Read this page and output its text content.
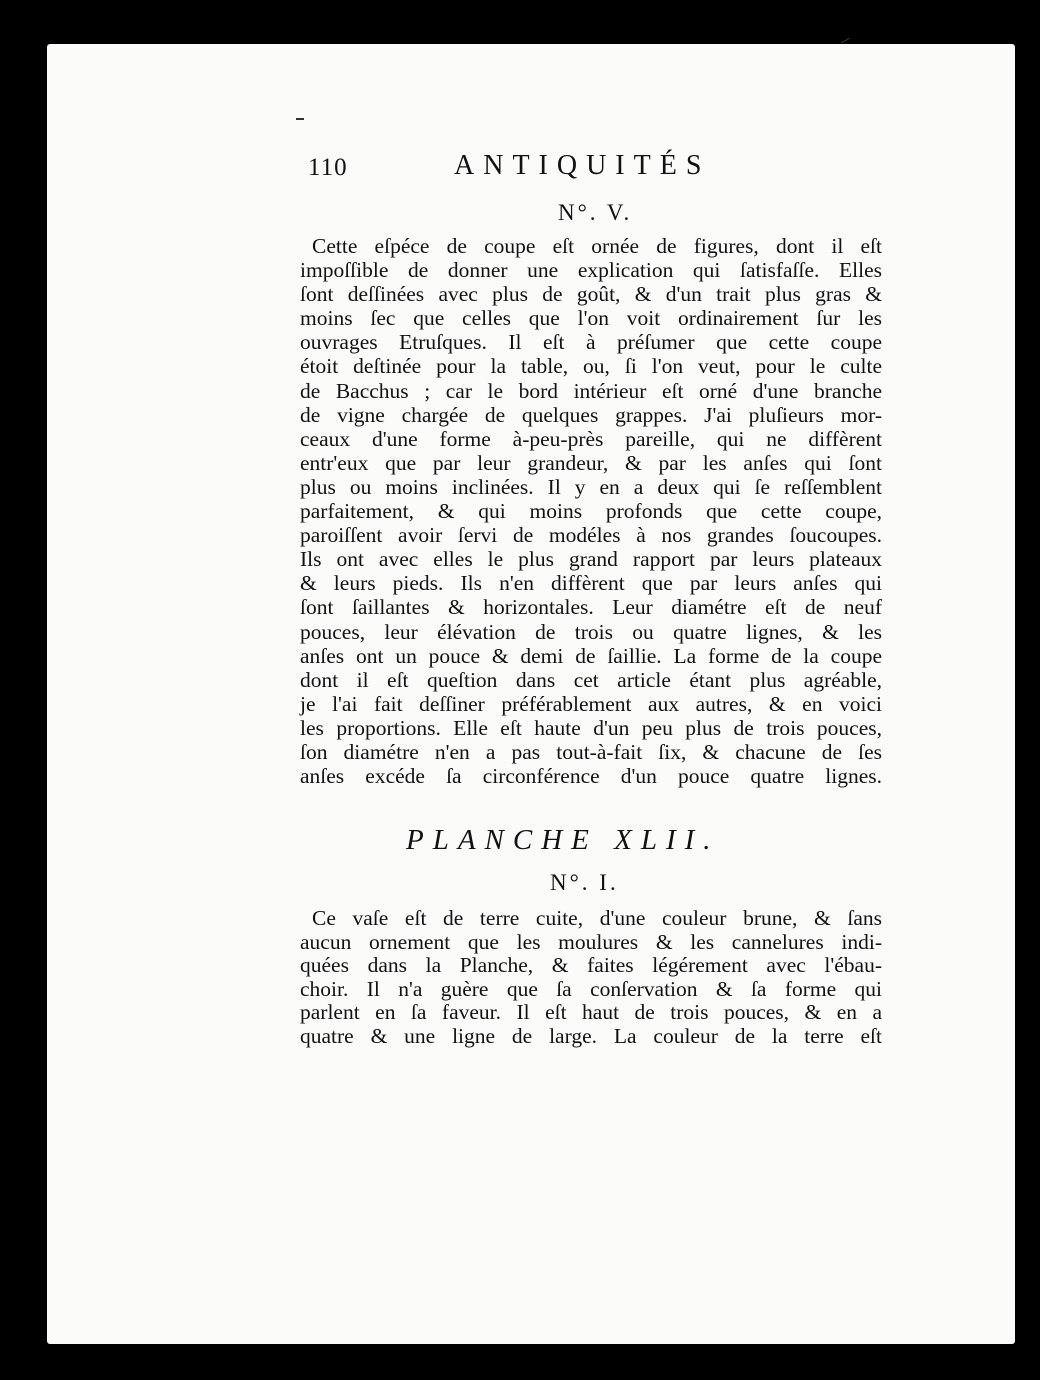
110	ANTIQUITÉS
N°. V.
Cette eſpéce de coupe eſt ornée de figures, dont il eſt
impoſſible de donner une explication qui ſatisfaſſe. Elles
ſont deſſinées avec plus de goût, & d'un trait plus gras &
moins ſec que celles que l'on voit ordinairement ſur les
ouvrages Etruſques. Il eſt à préſumer que cette coupe
étoit deſtinée pour la table, ou, ſi l'on veut, pour le culte
de Bacchus ; car le bord intérieur eſt orné d'une branche
de vigne chargée de quelques grappes. J'ai pluſieurs mor-
ceaux d'une forme à-peu-près pareille, qui ne diffèrent
entr'eux que par leur grandeur, & par les anſes qui ſont
plus ou moins inclinées. Il y en a deux qui ſe reſſemblent
parfaitement, & qui moins profonds que cette coupe,
paroiſſent avoir ſervi de modéles à nos grandes ſoucoupes.
Ils ont avec elles le plus grand rapport par leurs plateaux
& leurs pieds. Ils n'en diffèrent que par leurs anſes qui
ſont ſaillantes & horizontales. Leur diamétre eſt de neuf
pouces, leur élévation de trois ou quatre lignes, & les
anſes ont un pouce & demi de ſaillie. La forme de la coupe
dont il eſt queſtion dans cet article étant plus agréable,
je l'ai fait deſſiner préférablement aux autres, & en voici
les proportions. Elle eſt haute d'un peu plus de trois pouces,
ſon diamétre n'en a pas tout-à-fait ſix, & chacune de ſes
anſes excéde ſa circonférence d'un pouce quatre lignes.
PLANCHE XLII.
N°. I.
Ce vaſe eſt de terre cuite, d'une couleur brune, & ſans
aucun ornement que les moulures & les cannelures indi-
quées dans la Planche, & faites légérement avec l'ébau-
choir. Il n'a guère que ſa conſervation & ſa forme qui
parlent en ſa faveur. Il eſt haut de trois pouces, & en a
quatre & une ligne de large. La couleur de la terre eſt
